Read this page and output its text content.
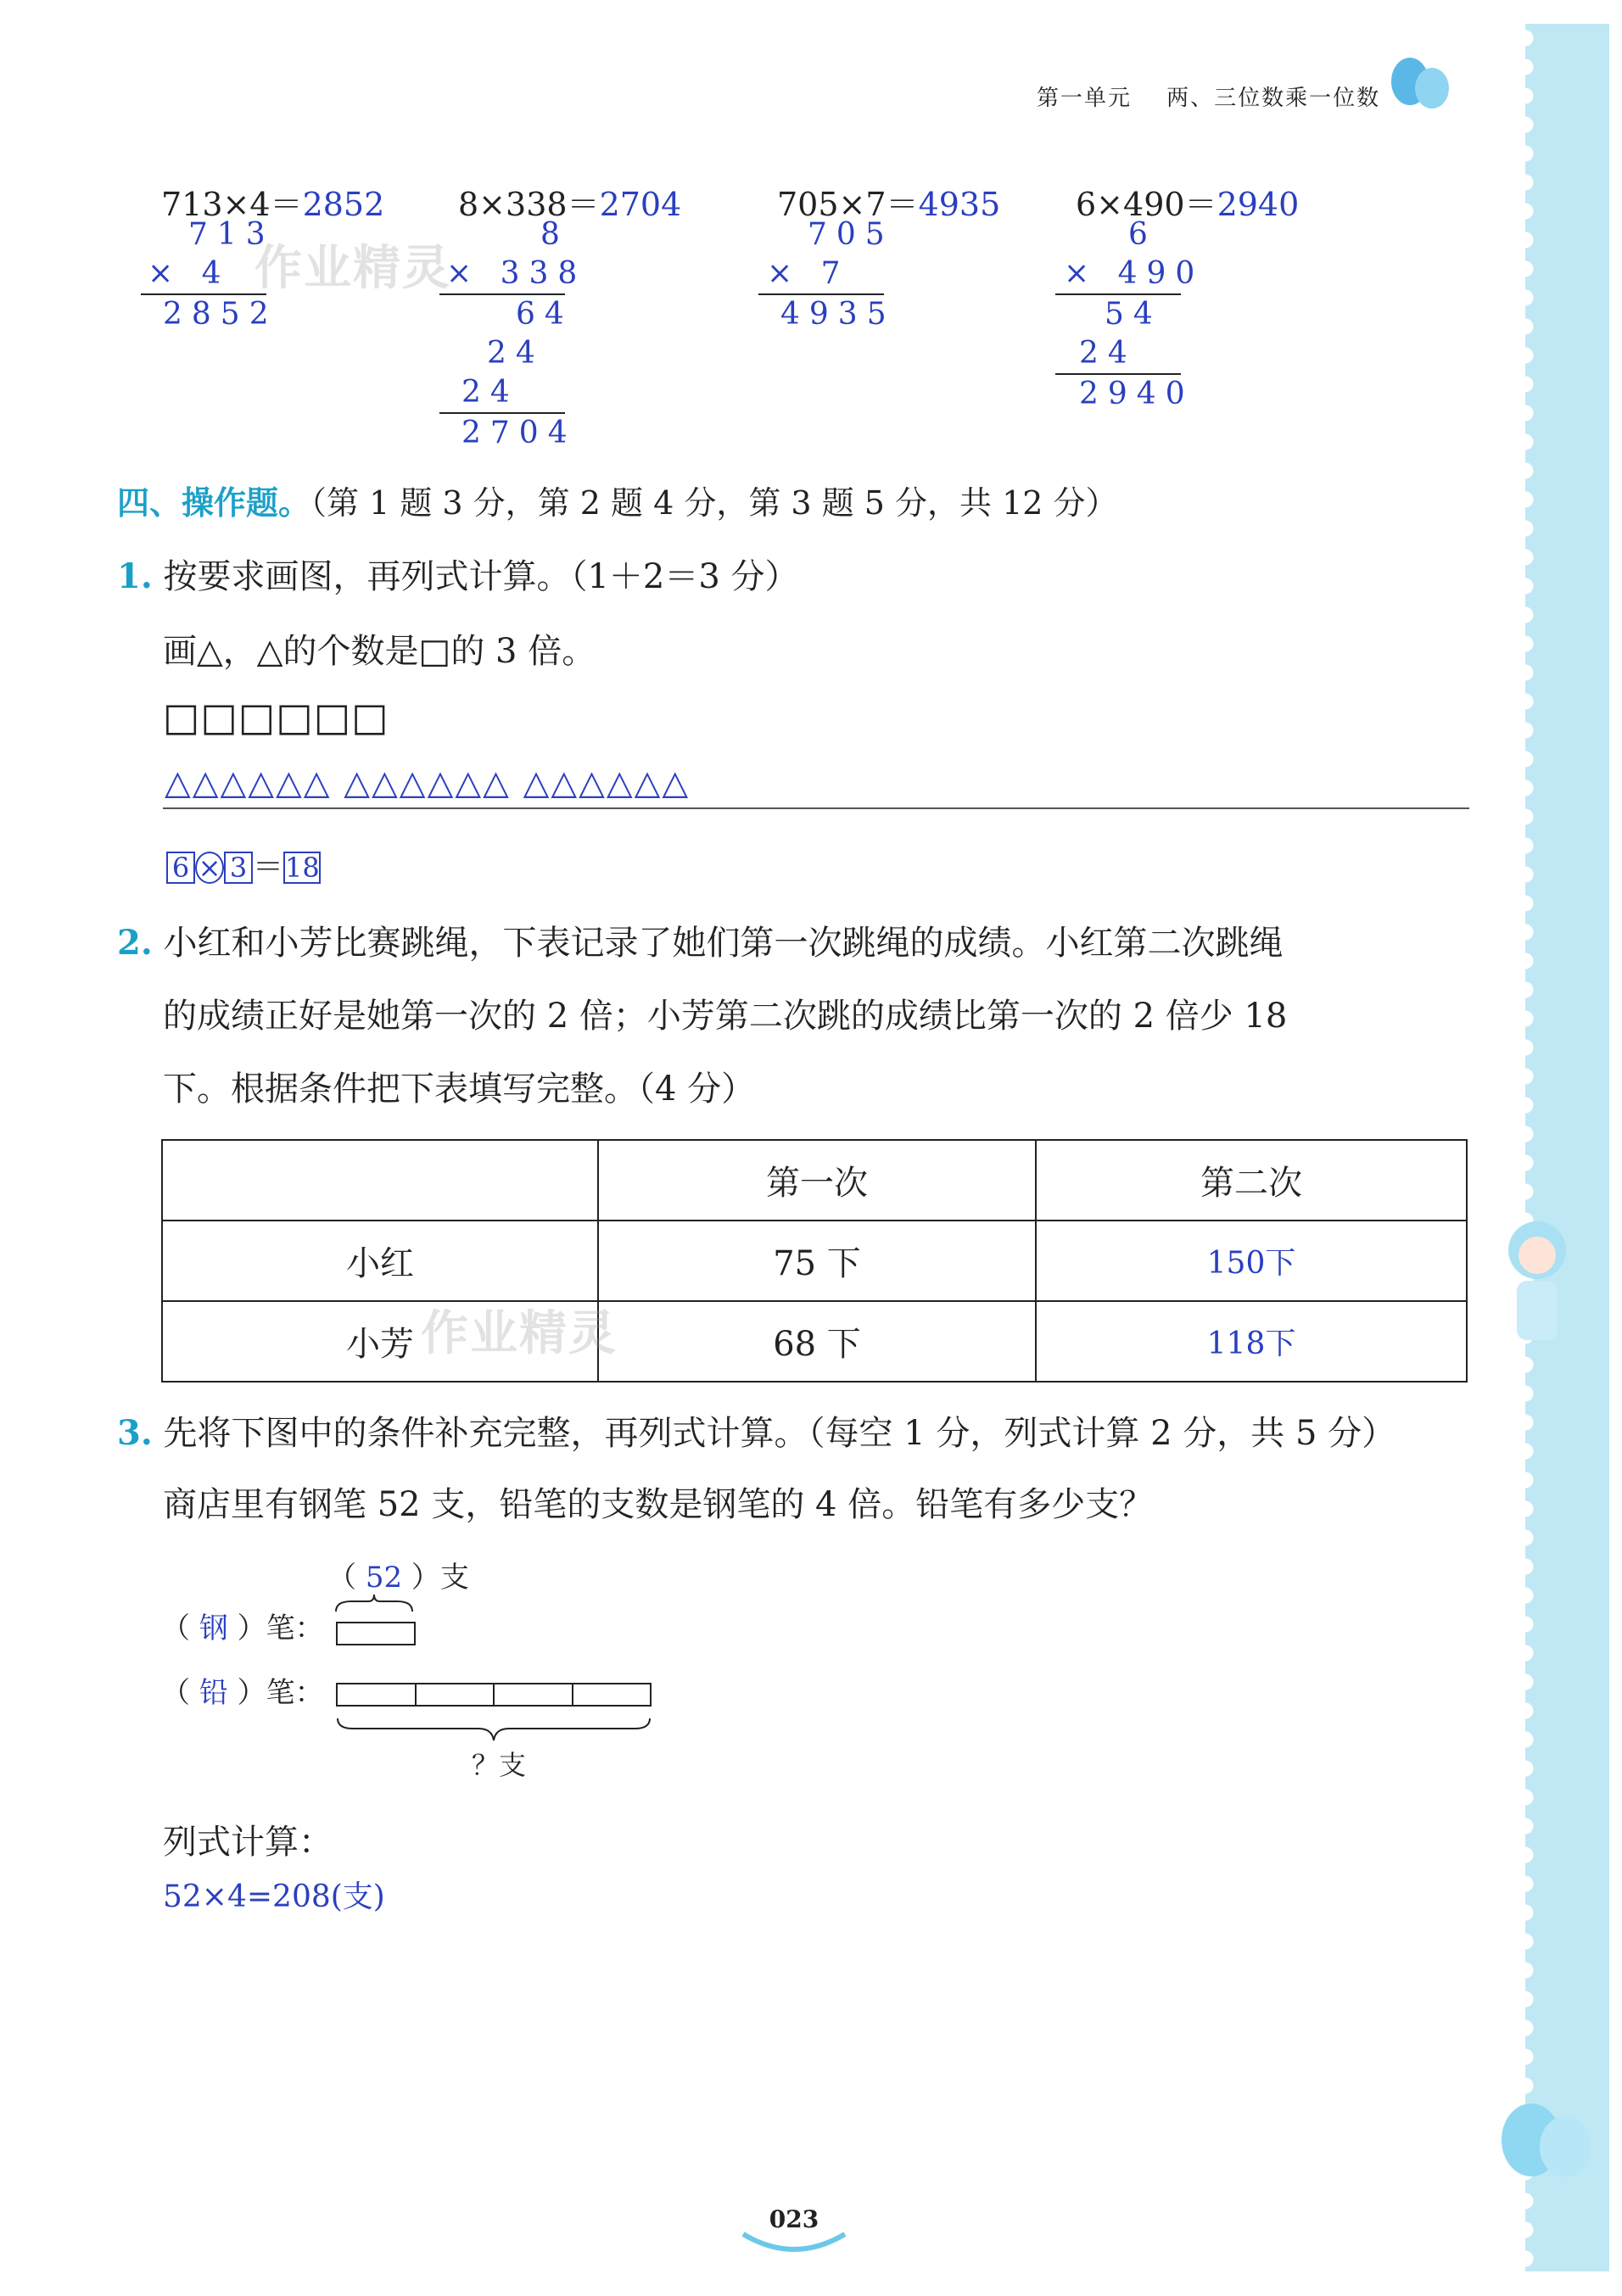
第一单元 两、三位数乘一位数
713×4＝2852
713
× 4
2852
8×338＝2704
8
× 338
64
24
24
2704
705×7＝4935
705
× 7
4935
6×490＝2940
6
× 490
54
24
2940
作业精灵
四、操作题。（第 1 题 3 分，第 2 题 4 分，第 3 题 5 分，共 12 分）
1. 按要求画图，再列式计算。（1＋2＝3 分）
画△，△的个数是□的 3 倍。
□□□□□□
△△△△△△ △△△△△△ △△△△△△
6 × 3 ＝18
2. 小红和小芳比赛跳绳，下表记录了她们第一次跳绳的成绩。小红第二次跳绳
的成绩正好是她第一次的 2 倍；小芳第二次跳的成绩比第一次的 2 倍少 18
下。根据条件把下表填写完整。（4 分）
	第一次	第二次
小红	75 下	150下
小芳	68 下	118下
作业精灵
3. 先将下图中的条件补充完整，再列式计算。（每空 1 分，列式计算 2 分，共 5 分）
商店里有钢笔 52 支，铅笔的支数是钢笔的 4 倍。铅笔有多少支？
（ 52 ）支
（ 钢 ）笔：
（ 铅 ）笔：
？支
列式计算：
52×4=208(支)
023
